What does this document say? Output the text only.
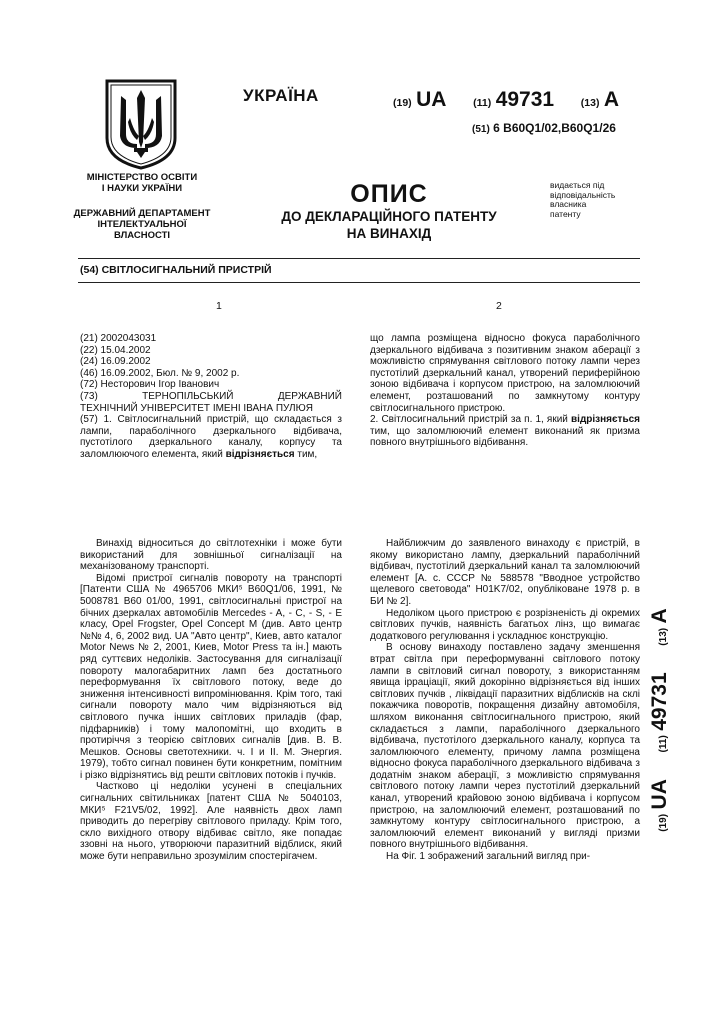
МІНІСТЕРСТВО ОСВІТИ
І НАУКИ УКРАЇНИ
ДЕРЖАВНИЙ ДЕПАРТАМЕНТ
ІНТЕЛЕКТУАЛЬНОЇ
ВЛАСНОСТІ
УКРАЇНА	(19) UA	(11) 49731	(13) A
(51) 6 B60Q1/02,B60Q1/26
ОПИС
ДО ДЕКЛАРАЦІЙНОГО ПАТЕНТУ
НА ВИНАХІД
видається під
відповідальність
власника
патенту
(54) СВІТЛОСИГНАЛЬНИЙ ПРИСТРІЙ
1	2
(21) 2002043031
(22) 15.04.2002
(24) 16.09.2002
(46) 16.09.2002, Бюл. № 9, 2002 р.
(72) Несторович Ігор Іванович
(73)	ТЕРНОПІЛЬСЬКИЙ	ДЕРЖАВНИЙ
ТЕХНІЧНИЙ УНІВЕРСИТЕТ ІМЕНІ ІВАНА ПУЛЮЯ
(57) 1. Світлосигнальний пристрій, що складається з лампи, параболічного дзеркального відбивача, пустотілого дзеркального каналу, корпусу та заломлюючого елемента, який відрізняється тим,
що лампа розміщена відносно фокуса параболічного дзеркального відбивача з позитивним знаком аберації з можливістю спрямування світлового потоку лампи через пустотілий дзеркальний канал, утворений периферійною зоною відбивача і корпусом пристрою, на заломлюючий елемент, розташований по замкнутому контуру світлосигнального пристрою.
2. Світлосигнальний пристрій за п. 1, який відрізняється тим, що заломлюючий елемент виконаний як призма повного внутрішнього відбивання.

Винахід відноситься до світлотехніки і може бути використаний для зовнішньої сигналізації на механізованому транспорті.

Відомі пристрої сигналів повороту на транспорті [Патенти США № 4965706 МКИ⁵ B60Q1/06, 1991, № 5008781 B60 01/00, 1991, світлосигнальні пристрої на бічних дзеркалах автомобілів Mercedes - A, - C, - S, - E класу, Opel Frogster, Opel Concept M (див. Авто центр №№ 4, 6, 2002 вид. UA "Авто центр", Киев, авто каталог Motor News № 2, 2001, Киев, Motor Press та ін.] мають ряд суттєвих недоліків. Застосування для сигналізації повороту малогабаритних ламп без достатнього переформування їх світлового потоку, веде до зниження інтенсивності випромінювання. Крім того, такі сигнали повороту мало чим відрізняються від світлового пучка інших світлових приладів (фар, підфарників) і тому малопомітні, що входить в протиріччя з теорією світлових сигналів [див. В. В. Мешков. Основы светотехники. ч. I и II. М. Энергия. 1979), тобто сигнал повинен бути конкретним, помітним і різко відрізнятись від решти світлових потоків і пучків.

Частково ці недоліки усунені в спеціальних сигнальних світильниках [патент США № 5040103, МКИ⁵ F21V5/02, 1992]. Але наявність двох ламп приводить до перегріву світлового приладу. Крім того, скло вихідного отвору відбиває світло, яке попадає ззовні на нього, утворюючи паразитний відблиск, який може бути неправильно зрозумілим спостерігачем.

Найближчим до заявленого винаходу є пристрій, в якому використано лампу, дзеркальний параболічний відбивач, пустотілий дзеркальний канал та заломлюючий елемент [А. с. СССР № 588578 "Вводное устройство щелевого световода" H01K7/02, опубліковане 1978 р. в БИ № 2].

Недоліком цього пристрою є розрізненість ді окремих світлових пучків, наявність багатьох лінз, що вимагає додаткового регулювання і ускладнює конструкцію.

В основу винаходу поставлено задачу зменшення втрат світла при переформуванні світлового потоку лампи в світловий сигнал повороту, з використанням явища ірраціації, який докорінно відрізняється від інших світлових пучків , ліквідації паразитних відблисків на склі покажчика поворотів, покращення дизайну автомобіля, шляхом виконання світлосигнального пристрою, який складається з лампи, параболічного дзеркального відбивача, пустотілого дзеркального каналу, корпуса та заломлюючого елементу, причому лампа розміщена відносно фокуса параболічного дзеркального відбивача з додатнім знаком аберації, з можливістю спрямування світлового потоку лампи через пустотілий дзеркальний канал, утворений крайовою зоною відбивача і корпусом пристрою, на заломлюючий елемент, розташований по замкнутому контуру світлосигнального пристрою, а заломлюючий елемент виконаний у вигляді призми повного внутрішнього відбивання.

На Фіг. 1 зображений загальний вигляд при-

(19) UA      (11) 49731      (13) A
